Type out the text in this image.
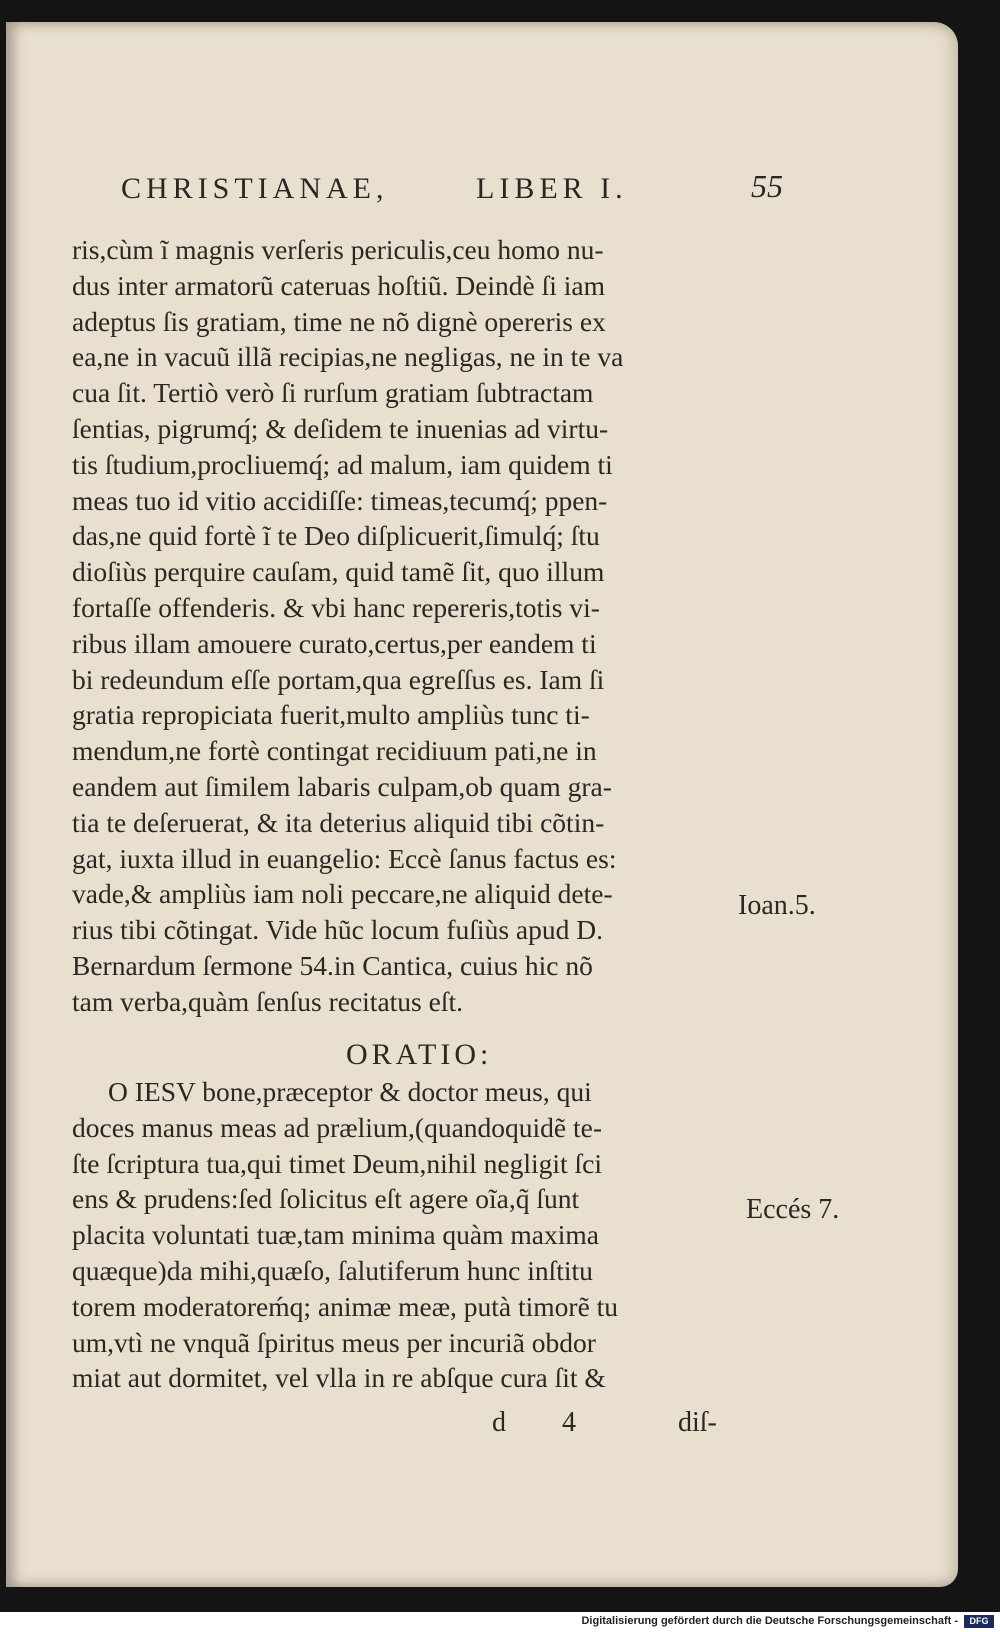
CHRISTIANAE,	LIBER I.	55
ris,cùm ĩ magnis verſeris periculis,ceu homo nu-
dus inter armatorũ cateruas hoſtiũ. Deindè ſi iam
adeptus ſis gratiam, time ne nõ dignè opereris ex
ea,ne in vacuũ illã recipias,ne negligas, ne in te va
cua ſit. Tertiò verò ſi rurſum gratiam ſubtractam
ſentias, pigrumq́; & deſidem te inuenias ad virtu-
tis ſtudium,procliuemq́; ad malum, iam quidem ti
meas tuo id vitio accidiſſe: timeas,tecumq́; ppen-
das,ne quid fortè ĩ te Deo diſplicuerit,ſimulq́; ſtu
dioſiùs perquire cauſam, quid tamẽ ſit, quo illum
fortaſſe offenderis. & vbi hanc repereris,totis vi-
ribus illam amouere curato,certus,per eandem ti
bi redeundum eſſe portam,qua egreſſus es. Iam ſi
gratia repropiciata fuerit,multo ampliùs tunc ti-
mendum,ne fortè contingat recidiuum pati,ne in
eandem aut ſimilem labaris culpam,ob quam gra-
tia te deſeruerat, & ita deterius aliquid tibi cõtin-
gat, iuxta illud in euangelio: Eccè ſanus factus es:
vade,& ampliùs iam noli peccare,ne aliquid dete-
rius tibi cõtingat. Vide hũc locum fuſiùs apud D.
Bernardum ſermone 54.in Cantica, cuius hic nõ
tam verba,quàm ſenſus recitatus eſt.
ORATIO:
O IESV bone,præceptor & doctor meus, qui
doces manus meas ad prælium,(quandoquidẽ te-
ſte ſcriptura tua,qui timet Deum,nihil negligit ſci
ens & prudens:ſed ſolicitus eſt agere oĩa,q̃ ſunt
placita voluntati tuæ,tam minima quàm maxima
quæque)da mihi,quæſo, ſalutiferum hunc inſtitu
torem moderatoreḿq; animæ meæ, putà timorẽ tu
um,vtì ne vnquã ſpiritus meus per incuriã obdor
miat aut dormitet, vel vlla in re abſque cura ſit &
Ioan.5.
Eccés 7.
d 4	diſ-
Digitalisierung gefördert durch die Deutsche Forschungsgemeinschaft -	DFG
